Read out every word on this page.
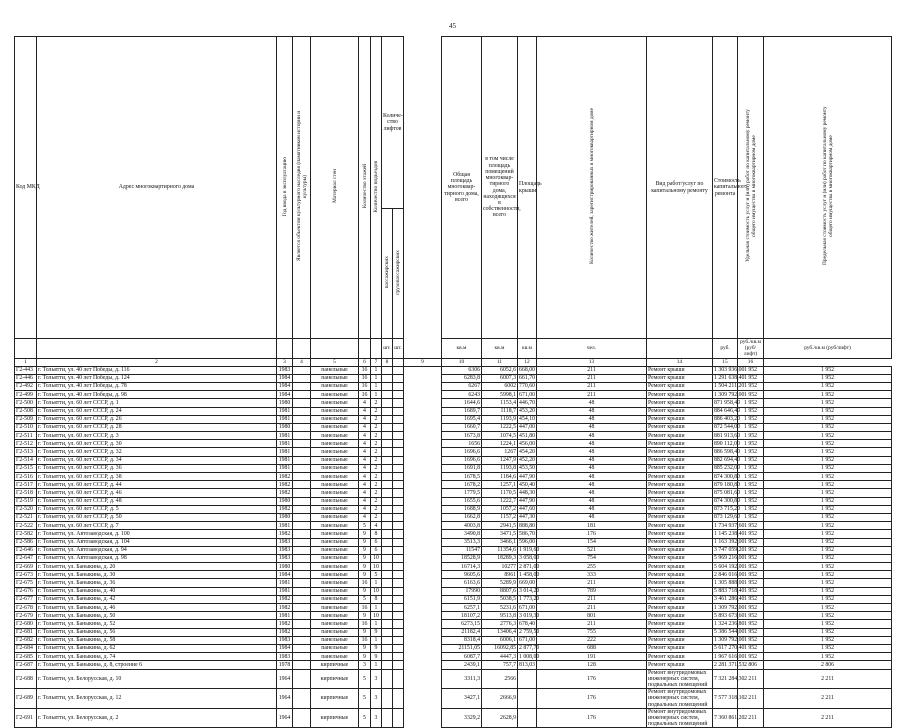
45
Код МКД	Адрес многоквартирного дома	Год ввода в эксплуатацию	Является объектом культурного наследия (памятником истории и культуры)	Материал стен	Количество этажей	Количество подъездов	Количе-ство лифтов			Общая площадь многоквар-тирного дома, всего	в том числе площадь помещений многоквар-тирного дома, находящихся в собственности, всего	Площадь крыши	Количество жителей, зарегистрированных в многоквартирном доме	Вид работ/услуг по капитальному ремонту	Стоимость капитального ремонта	Удельная стоимость услуг и (или) работ по капитальному ремонту общего имущества в многоквартирном доме	Предельная стоимость услуг и (или) работ по капитальному ремонту общего имущества в многоквартирном доме
							пассажирских	грузопассажирских									
							шт.	шт.		кв.м	кв.м	кв.м	чел.		руб.	руб./кв.м (руб/лифт)	руб./кв.м (руб/лифт)
1	2	3	4	5	6	7	8		9	10	11	12	13	14	15	16	
Г2-443	г. Тольятти, ул. 40 лет Победы, д. 116	1983		панельные	16	1				6306	6052,6	668,00	211	Ремонт крыши	1 303 936,00	1 952	1 952
Г2-446	г. Тольятти, ул. 40 лет Победы, д. 124	1984		панельные	16	1				6283,8	6007,3	661,70	211	Ремонт крыши	1 291 638,40	1 952	1 952
Г2-492	г. Тольятти, ул. 40 лет Победы, д. 78	1984		панельные	16	1				6267	6002	770,60	211	Ремонт крыши	1 504 211,20	1 952	1 952
Г2-499	г. Тольятти, ул. 40 лет Победы, д. 98	1984		панельные	16	1				6243	5998,1	671,00	211	Ремонт крыши	1 309 792,00	1 952	1 952
Г2-500	г. Тольятти, ул. 60 лет СССР, д. 1	1980		панельные	4	2				1644,6	1153,4	446,70	48	Ремонт крыши	871 958,40	1 952	1 952
Г2-508	г. Тольятти, ул. 60 лет СССР, д. 24	1981		панельные	4	2				1689,7	1118,7	453,20	48	Ремонт крыши	884 646,40	1 952	1 952
Г2-509	г. Тольятти, ул. 60 лет СССР, д. 26	1981		панельные	4	2				1695,4	1193,9	454,10	48	Ремонт крыши	886 403,20	1 952	1 952
Г2-510	г. Тольятти, ул. 60 лет СССР, д. 28	1980		панельные	4	2				1660,7	1222,5	447,00	48	Ремонт крыши	872 544,00	1 952	1 952
Г2-511	г. Тольятти, ул. 60 лет СССР, д. 3	1981		панельные	4	2				1673,8	1074,5	451,80	48	Ремонт крыши	881 913,60	1 952	1 952
Г2-512	г. Тольятти, ул. 60 лет СССР, д. 30	1981		панельные	4	2				1656	1224,1	456,00	48	Ремонт крыши	890 112,00	1 952	1 952
Г2-513	г. Тольятти, ул. 60 лет СССР, д. 32	1981		панельные	4	2				1696,6	1267	454,20	48	Ремонт крыши	886 598,40	1 952	1 952
Г2-514	г. Тольятти, ул. 60 лет СССР, д. 34	1981		панельные	4	2				1696,6	1247,9	452,20	48	Ремонт крыши	882 694,40	1 952	1 952
Г2-515	г. Тольятти, ул. 60 лет СССР, д. 36	1981		панельные	4	2				1691,8	1193,8	453,50	48	Ремонт крыши	885 232,00	1 952	1 952
Г2-516	г. Тольятти, ул. 60 лет СССР, д. 38	1982		панельные	4	2				1678,5	1184,6	447,90	48	Ремонт крыши	874 300,80	1 952	1 952
Г2-517	г. Тольятти, ул. 60 лет СССР, д. 44	1982		панельные	4	2				1678,2	1257,1	450,40	48	Ремонт крыши	879 180,80	1 952	1 952
Г2-518	г. Тольятти, ул. 60 лет СССР, д. 46	1982		панельные	4	2				1779,5	1170,5	448,30	48	Ремонт крыши	875 081,60	1 952	1 952
Г2-519	г. Тольятти, ул. 60 лет СССР, д. 48	1980		панельные	4	2				1655,6	1222,7	447,90	48	Ремонт крыши	874 300,80	1 952	1 952
Г2-520	г. Тольятти, ул. 60 лет СССР, д. 5	1982		панельные	4	2				1688,9	1057,2	447,60	48	Ремонт крыши	873 715,20	1 952	1 952
Г2-521	г. Тольятти, ул. 60 лет СССР, д. 50	1980		панельные	4	2				1662,8	1157,2	447,30	48	Ремонт крыши	873 129,60	1 952	1 952
Г2-522	г. Тольятти, ул. 60 лет СССР, д. 7	1981		панельные	5	4				4003,8	2941,5	888,80	181	Ремонт крыши	1 734 937,60	1 952	1 952
Г2-582	г. Тольятти, ул. Автозаводская, д. 100	1982		панельные	9	8				3490,8	3471,5	586,70	176	Ремонт крыши	1 145 238,40	1 952	1 952
Г2-586	г. Тольятти, ул. Автозаводская, д. 104	1983		панельные	9	6				3513,3	3466,1	596,00	154	Ремонт крыши	1 163 392,00	1 952	1 952
Г2-646	г. Тольятти, ул. Автозаводская, д. 94	1983		панельные	9	6				11547	11354,6	1 919,60	521	Ремонт крыши	3 747 059,20	1 952	1 952
Г2-647	г. Тольятти, ул. Автозаводская, д. 98	1983		панельные	9	10				18528,9	18289,3	3 058,00	754	Ремонт крыши	5 969 216,00	1 952	1 952
Г2-669	г. Тольятти, ул. Баныкина, д. 20	1980		панельные	9	10				16714,3	10277	2 871,00	255	Ремонт крыши	5 604 192,00	1 952	1 952
Г2-673	г. Тольятти, ул. Баныкина, д. 30	1984		панельные	9	5				9605,6	8961	1 458,00	333	Ремонт крыши	2 846 016,00	1 952	1 952
Г2-675	г. Тольятти, ул. Баныкина, д. 36	1981		панельные	16	1				6163,6	5289,9	669,00	211	Ремонт крыши	1 305 888,00	1 952	1 952
Г2-676	г. Тольятти, ул. Баныкина, д. 40	1981		панельные	9	10				17990	8807,6	3 014,20	789	Ремонт крыши	5 883 718,40	1 952	1 952
Г2-677	г. Тольятти, ул. Баныкина, д. 42	1982		панельные	5	8				6151,9	5038,5	1 773,20	211	Ремонт крыши	3 461 286,40	1 952	1 952
Г2-678	г. Тольятти, ул. Баныкина, д. 46	1982		панельные	16	1				6257,1	5231,6	671,00	211	Ремонт крыши	1 309 792,00	1 952	1 952
Г2-679	г. Тольятти, ул. Баныкина, д. 50	1981		панельные	9	10				18107,2	9513,8	3 019,30	801	Ремонт крыши	5 893 673,60	1 952	1 952
Г2-680	г. Тольятти, ул. Баныкина, д. 52	1982		панельные	16	1				6273,15	2776,3	678,40	211	Ремонт крыши	1 324 236,80	1 952	1 952
Г2-681	г. Тольятти, ул. Баныкина, д. 56	1982		панельные	9	9				21182,4	13406,4	2 759,50	755	Ремонт крыши	5 386 544,00	1 952	1 952
Г2-682	г. Тольятти, ул. Баныкина, д. 58	1983		панельные	16	1				8318,4	6006,1	671,00	222	Ремонт крыши	1 309 792,00	1 952	1 952
Г2-684	г. Тольятти, ул. Баныкина, д. 62	1984		панельные	9	9				21151,05	16092,85	2 877,70	688	Ремонт крыши	5 617 270,40	1 952	1 952
Г2-685	г. Тольятти, ул. Баныкина, д. 74	1983		панельные	9	9				6087,7	4447,3	1 008,00	191	Ремонт крыши	1 967 616,00	1 952	1 952
Г2-687	г. Тольятти, ул. Баныкина, д. 8, строение 6	1978		кирпичные	3	1				2439,1	757,7	813,03	128	Ремонт крыши	2 281 371,53	2 806	2 806
Г2-688	г. Тольятти, ул. Белорусская, д. 10	1964		кирпичные	5	3				3311,3	2566		176	Ремонт внутридомовых инженерных систем, подвальных помещений	7 321 284,30	2 211	2 211
Г2-689	г. Тольятти, ул. Белорусская, д. 12	1964		кирпичные	5	3				3427,1	2666,9		176	Ремонт внутридомовых инженерных систем, подвальных помещений	7 577 318,10	2 211	2 211
Г2-691	г. Тольятти, ул. Белорусская, д. 2	1964		кирпичные	5	3				3329,2	2628,9		176	Ремонт внутридомовых инженерных систем, подвальных помещений	7 360 861,20	2 211	2 211
